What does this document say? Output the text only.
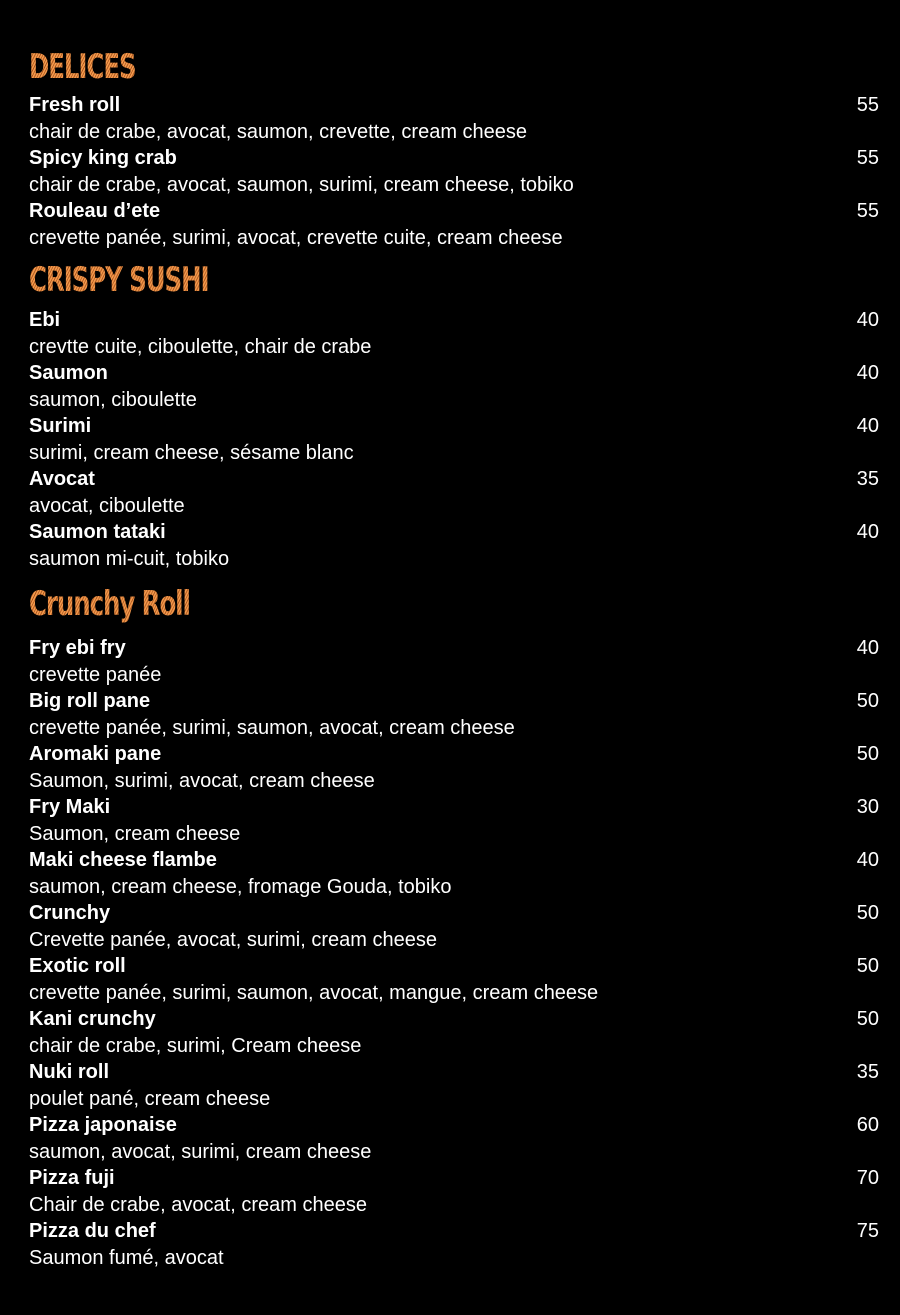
DELICES
Fresh roll	55
chair de crabe, avocat, saumon, crevette, cream cheese
Spicy king crab	55
chair de crabe, avocat, saumon, surimi, cream cheese, tobiko
Rouleau d’ete	55
crevette panée, surimi, avocat, crevette cuite, cream cheese
CRISPY SUSHI
Ebi	40
crevtte cuite, ciboulette, chair de crabe
Saumon	40
saumon, ciboulette
Surimi	40
surimi, cream cheese, sésame blanc
Avocat	35
avocat, ciboulette
Saumon tataki	40
saumon mi-cuit, tobiko
Crunchy Roll
Fry ebi fry	40
crevette panée
Big roll pane	50
crevette panée, surimi, saumon, avocat, cream cheese
Aromaki pane	50
Saumon, surimi, avocat, cream cheese
Fry Maki	30
Saumon, cream cheese
Maki cheese flambe	40
saumon, cream cheese, fromage Gouda, tobiko
Crunchy	50
Crevette panée, avocat, surimi, cream cheese
Exotic roll	50
crevette panée, surimi, saumon, avocat, mangue, cream cheese
Kani crunchy	50
chair de crabe, surimi, Cream cheese
Nuki roll	35
poulet pané, cream cheese
Pizza japonaise	60
saumon, avocat, surimi, cream cheese
Pizza fuji	70
Chair de crabe, avocat, cream cheese
Pizza du chef	75
Saumon fumé, avocat
